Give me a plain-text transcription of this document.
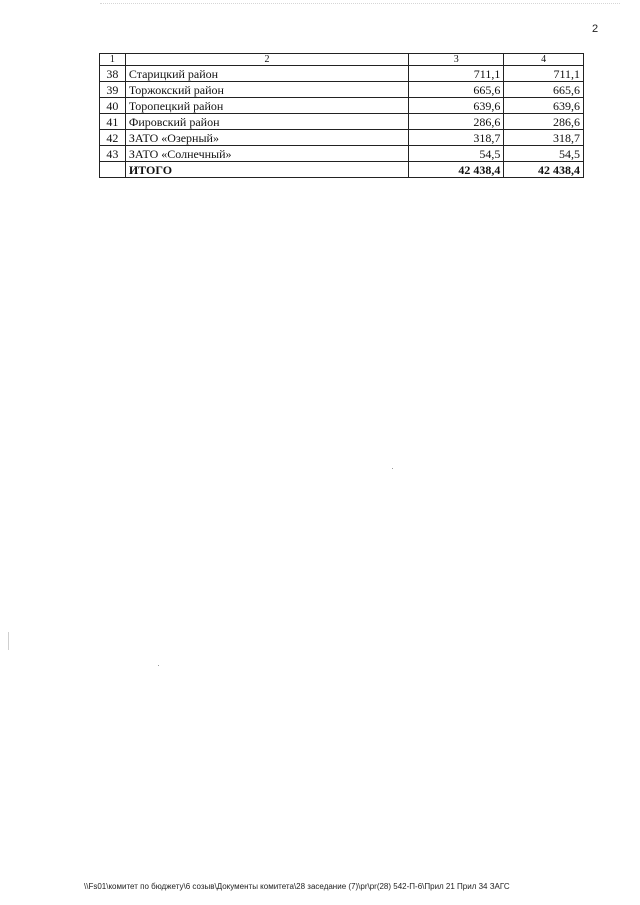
2
1	2	3	4
38	Старицкий район	711,1	711,1
39	Торжокский район	665,6	665,6
40	Торопецкий район	639,6	639,6
41	Фировский район	286,6	286,6
42	ЗАТО «Озерный»	318,7	318,7
43	ЗАТО «Солнечный»	54,5	54,5
	ИТОГО	42 438,4	42 438,4
\\Fs01\комитет по бюджету\6 созыв\Документы комитета\28 заседание (7)\pr\pr(28) 542-П-6\Прил 21 Прил 34 ЗАГС
